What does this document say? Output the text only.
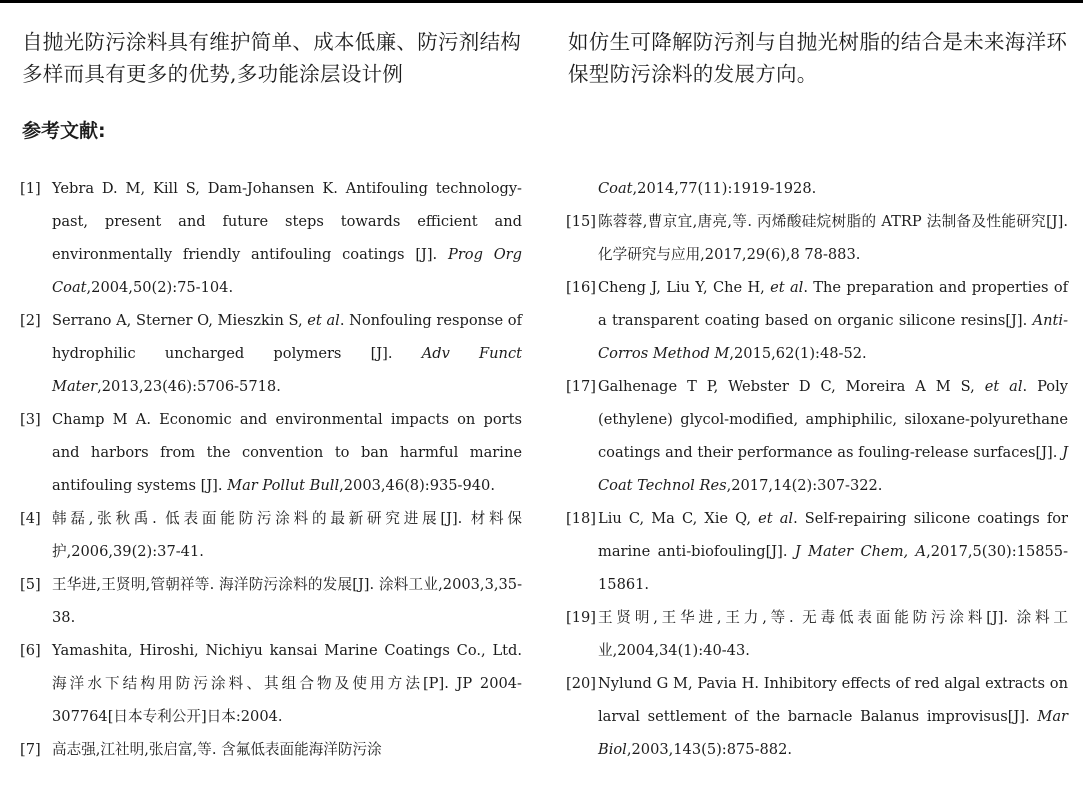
自抛光防污涂料具有维护简单、成本低廉、防污剂结构多样而具有更多的优势,多功能涂层设计例

参考文献:

[1] Yebra D. M, Kill S, Dam-Johansen K. Antifouling technology-past, present and future steps towards efficient and environmentally friendly antifouling coatings [J]. Prog Org Coat,2004,50(2):75-104.

[2] Serrano A, Sterner O, Mieszkin S, et al. Nonfouling response of hydrophilic uncharged polymers [J]. Adv Funct Mater,2013,23(46):5706-5718.

[3] Champ M A. Economic and environmental impacts on ports and harbors from the convention to ban harmful marine antifouling systems [J]. Mar Pollut Bull,2003,46(8):935-940.

[4] 韩磊,张秋禹. 低表面能防污涂料的最新研究进展[J]. 材料保护,2006,39(2):37-41.

[5] 王华进,王贤明,管朝祥等. 海洋防污涂料的发展[J]. 涂料工业,2003,3,35-38.

[6] Yamashita, Hiroshi, Nichiyu kansai Marine Coatings Co., Ltd. 海洋水下结构用防污涂料、其组合物及使用方法[P]. JP 2004-307764[日本专利公开]日本:2004.

[7] 高志强,江社明,张启富,等. 含氟低表面能海洋防污涂

如仿生可降解防污剂与自抛光树脂的结合是未来海洋环保型防污涂料的发展方向。

Coat,2014,77(11):1919-1928.

[15] 陈蓉蓉,曹京宜,唐亮,等. 丙烯酸硅烷树脂的 ATRP 法制备及性能研究[J]. 化学研究与应用,2017,29(6),8 78-883.

[16] Cheng J, Liu Y, Che H, et al. The preparation and properties of a transparent coating based on organic silicone resins[J]. Anti-Corros Method M,2015,62(1):48-52.

[17] Galhenage T P, Webster D C, Moreira A M S, et al. Poly (ethylene) glycol-modified, amphiphilic, siloxane-polyurethane coatings and their performance as fouling-release surfaces[J]. J Coat Technol Res,2017,14(2):307-322.

[18] Liu C, Ma C, Xie Q, et al. Self-repairing silicone coatings for marine anti-biofouling[J]. J Mater Chem, A,2017,5(30):15855-15861.

[19] 王贤明,王华进,王力,等. 无毒低表面能防污涂料[J]. 涂料工业,2004,34(1):40-43.

[20] Nylund G M, Pavia H. Inhibitory effects of red algal extracts on larval settlement of the barnacle Balanus improvisus[J]. Mar Biol,2003,143(5):875-882.
